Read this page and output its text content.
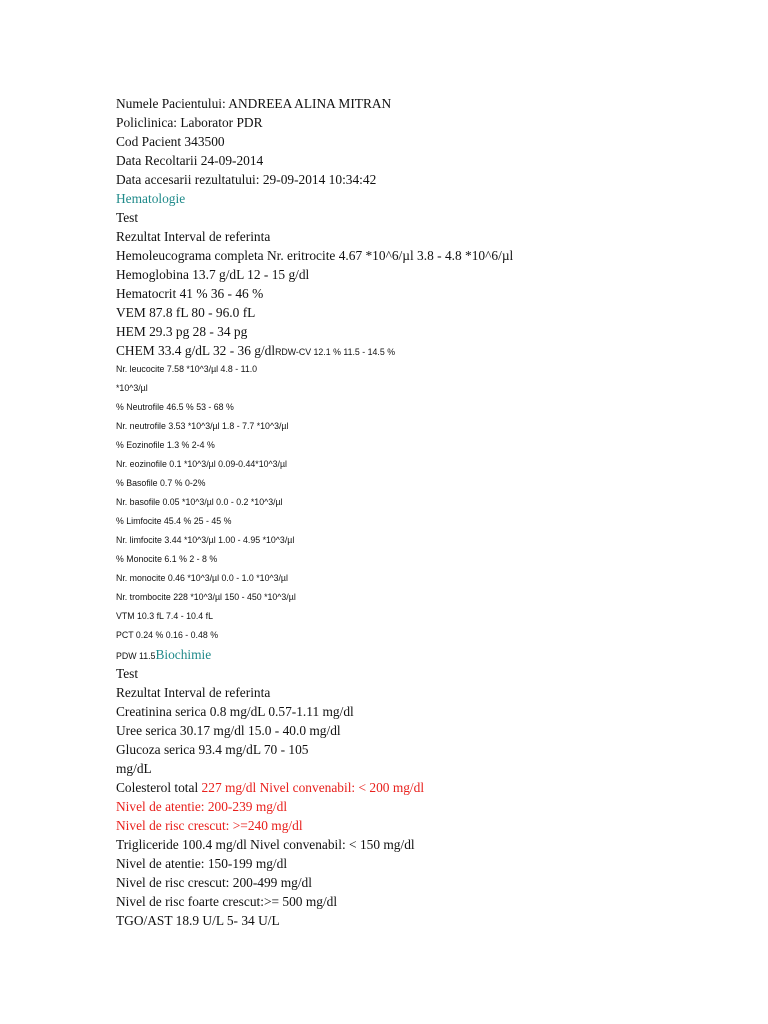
Numele Pacientului: ANDREEA ALINA MITRAN
Policlinica: Laborator PDR
Cod Pacient 343500
Data Recoltarii 24-09-2014
Data accesarii rezultatului: 29-09-2014 10:34:42
Hematologie
Test
Rezultat Interval de referinta
Hemoleucograma completa Nr. eritrocite 4.67 *10^6/µl 3.8 - 4.8 *10^6/µl
Hemoglobina 13.7 g/dL 12 - 15 g/dl
Hematocrit 41 % 36 - 46 %
VEM 87.8 fL 80 - 96.0 fL
HEM 29.3 pg 28 - 34 pg
CHEM 33.4 g/dL 32 - 36 g/dlRDW-CV 12.1 % 11.5 - 14.5 %
Nr. leucocite 7.58 *10^3/µl 4.8 - 11.0
*10^3/µl
% Neutrofile 46.5 % 53 - 68 %
Nr. neutrofile 3.53 *10^3/µl 1.8 - 7.7 *10^3/µl
% Eozinofile 1.3 % 2-4 %
Nr. eozinofile 0.1 *10^3/µl 0.09-0.44*10^3/µl
% Basofile 0.7 % 0-2%
Nr. basofile 0.05 *10^3/µl 0.0 - 0.2 *10^3/µl
% Limfocite 45.4 % 25 - 45 %
Nr. limfocite 3.44 *10^3/µl 1.00 - 4.95 *10^3/µl
% Monocite 6.1 % 2 - 8 %
Nr. monocite 0.46 *10^3/µl 0.0 - 1.0 *10^3/µl
Nr. trombocite 228 *10^3/µl 150 - 450 *10^3/µl
VTM 10.3 fL 7.4 - 10.4 fL
PCT 0.24 % 0.16 - 0.48 %
PDW 11.5Biochimie
Test
Rezultat Interval de referinta
Creatinina serica 0.8 mg/dL 0.57-1.11 mg/dl
Uree serica 30.17 mg/dl 15.0 - 40.0 mg/dl
Glucoza serica 93.4 mg/dL 70 - 105
mg/dL
Colesterol total 227 mg/dl Nivel convenabil: < 200 mg/dl
Nivel de atentie: 200-239 mg/dl
Nivel de risc crescut: >=240 mg/dl
Trigliceride 100.4 mg/dl Nivel convenabil: < 150 mg/dl
Nivel de atentie: 150-199 mg/dl
Nivel de risc crescut: 200-499 mg/dl
Nivel de risc foarte crescut:>= 500 mg/dl
TGO/AST 18.9 U/L 5- 34 U/L
